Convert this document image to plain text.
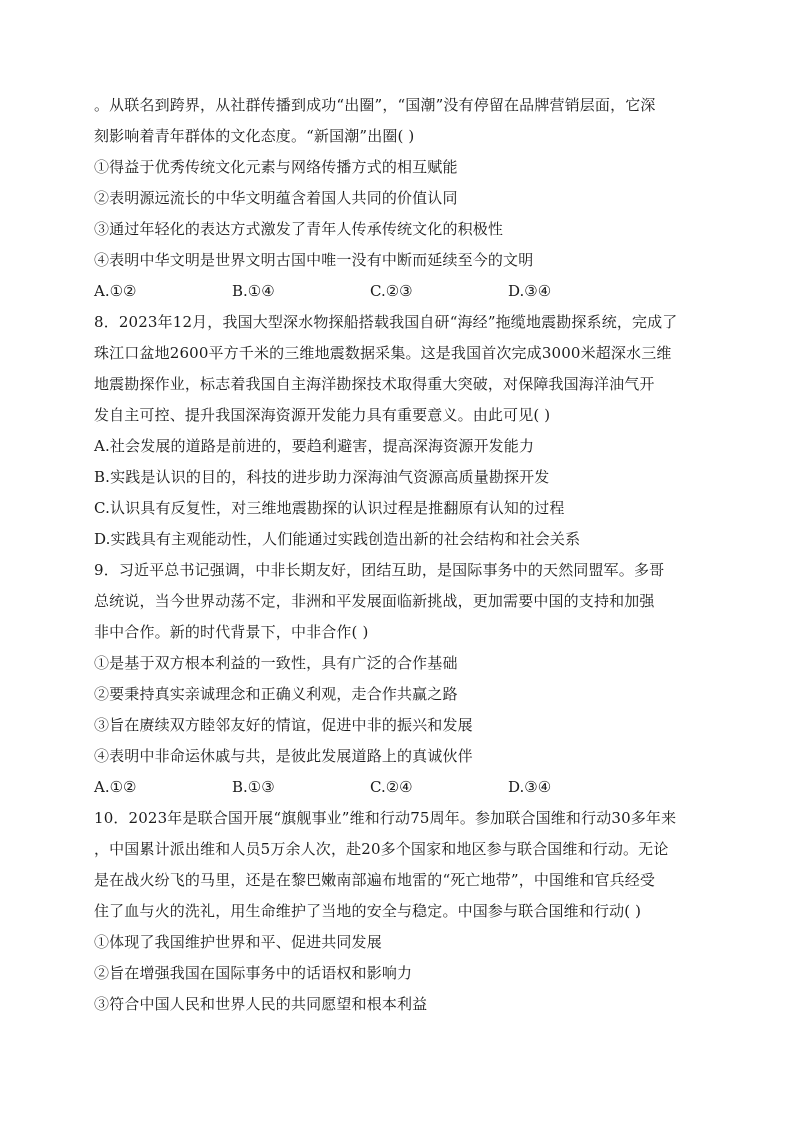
。从联名到跨界，从社群传播到成功“出圈”，“国潮”没有停留在品牌营销层面，它深
刻影响着青年群体的文化态度。“新国潮”出圈( )
①得益于优秀传统文化元素与网络传播方式的相互赋能
②表明源远流长的中华文明蕴含着国人共同的价值认同
③通过年轻化的表达方式激发了青年人传承传统文化的积极性
④表明中华文明是世界文明古国中唯一没有中断而延续至今的文明
A.①②	B.①④	C.②③	D.③④
8．2023年12月，我国大型深水物探船搭载我国自研“海经”拖缆地震勘探系统，完成了
珠江口盆地2600平方千米的三维地震数据采集。这是我国首次完成3000米超深水三维
地震勘探作业，标志着我国自主海洋勘探技术取得重大突破，对保障我国海洋油气开
发自主可控、提升我国深海资源开发能力具有重要意义。由此可见( )
A.社会发展的道路是前进的，要趋利避害，提高深海资源开发能力
B.实践是认识的目的，科技的进步助力深海油气资源高质量勘探开发
C.认识具有反复性，对三维地震勘探的认识过程是推翻原有认知的过程
D.实践具有主观能动性，人们能通过实践创造出新的社会结构和社会关系
9．习近平总书记强调，中非长期友好，团结互助，是国际事务中的天然同盟军。多哥
总统说，当今世界动荡不定，非洲和平发展面临新挑战，更加需要中国的支持和加强
非中合作。新的时代背景下，中非合作( )
①是基于双方根本利益的一致性，具有广泛的合作基础
②要秉持真实亲诚理念和正确义利观，走合作共赢之路
③旨在赓续双方睦邻友好的情谊，促进中非的振兴和发展
④表明中非命运休戚与共，是彼此发展道路上的真诚伙伴
A.①②	B.①③	C.②④	D.③④
10．2023年是联合国开展“旗舰事业”维和行动75周年。参加联合国维和行动30多年来
，中国累计派出维和人员5万余人次，赴20多个国家和地区参与联合国维和行动。无论
是在战火纷飞的马里，还是在黎巴嫩南部遍布地雷的“死亡地带”，中国维和官兵经受
住了血与火的洗礼，用生命维护了当地的安全与稳定。中国参与联合国维和行动( )
①体现了我国维护世界和平、促进共同发展
②旨在增强我国在国际事务中的话语权和影响力
③符合中国人民和世界人民的共同愿望和根本利益
